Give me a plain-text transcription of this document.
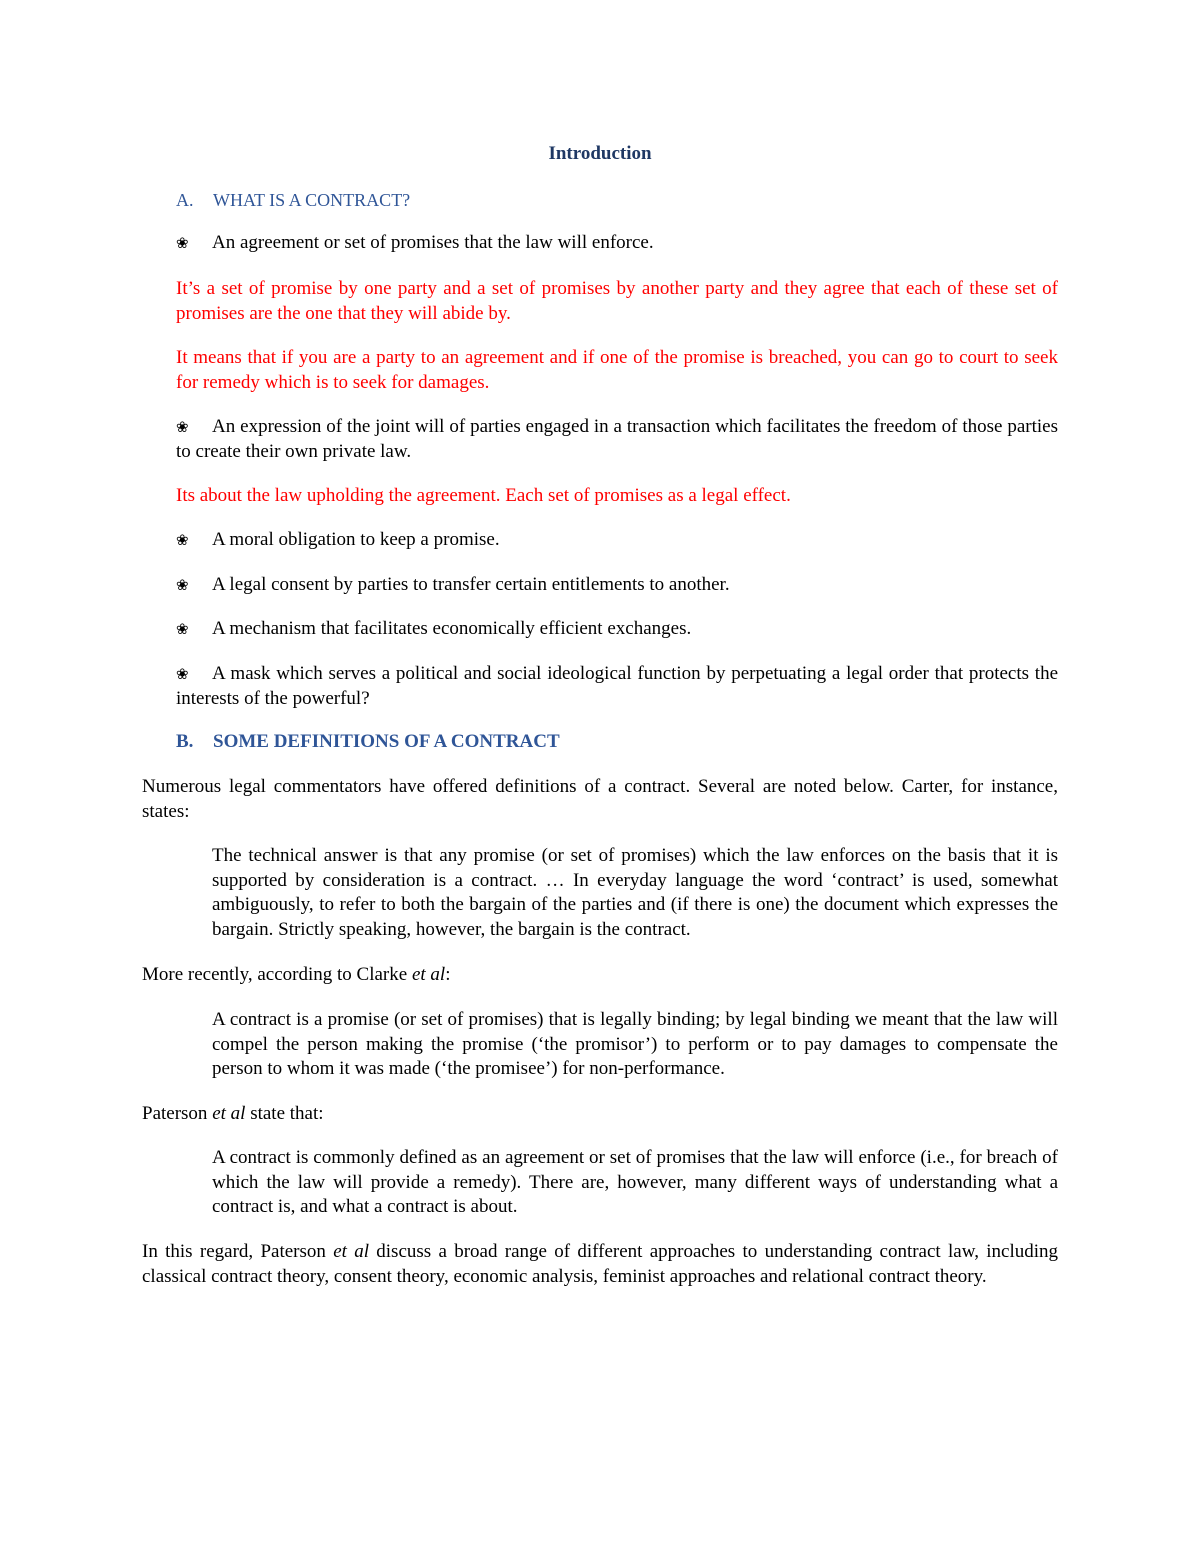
Introduction
A. WHAT IS A CONTRACT?
❀ An agreement or set of promises that the law will enforce.
It’s a set of promise by one party and a set of promises by another party and they agree that each of these set of promises are the one that they will abide by.
It means that if you are a party to an agreement and if one of the promise is breached, you can go to court to seek for remedy which is to seek for damages.
❀ An expression of the joint will of parties engaged in a transaction which facilitates the freedom of those parties to create their own private law.
Its about the law upholding the agreement. Each set of promises as a legal effect.
❀ A moral obligation to keep a promise.
❀ A legal consent by parties to transfer certain entitlements to another.
❀ A mechanism that facilitates economically efficient exchanges.
❀ A mask which serves a political and social ideological function by perpetuating a legal order that protects the interests of the powerful?
B. SOME DEFINITIONS OF A CONTRACT
Numerous legal commentators have offered definitions of a contract. Several are noted below. Carter, for instance, states:
The technical answer is that any promise (or set of promises) which the law enforces on the basis that it is supported by consideration is a contract. … In everyday language the word ‘contract’ is used, somewhat ambiguously, to refer to both the bargain of the parties and (if there is one) the document which expresses the bargain. Strictly speaking, however, the bargain is the contract.
More recently, according to Clarke et al:
A contract is a promise (or set of promises) that is legally binding; by legal binding we meant that the law will compel the person making the promise (‘the promisor’) to perform or to pay damages to compensate the person to whom it was made (‘the promisee’) for non-performance.
Paterson et al state that:
A contract is commonly defined as an agreement or set of promises that the law will enforce (i.e., for breach of which the law will provide a remedy). There are, however, many different ways of understanding what a contract is, and what a contract is about.
In this regard, Paterson et al discuss a broad range of different approaches to understanding contract law, including classical contract theory, consent theory, economic analysis, feminist approaches and relational contract theory.
